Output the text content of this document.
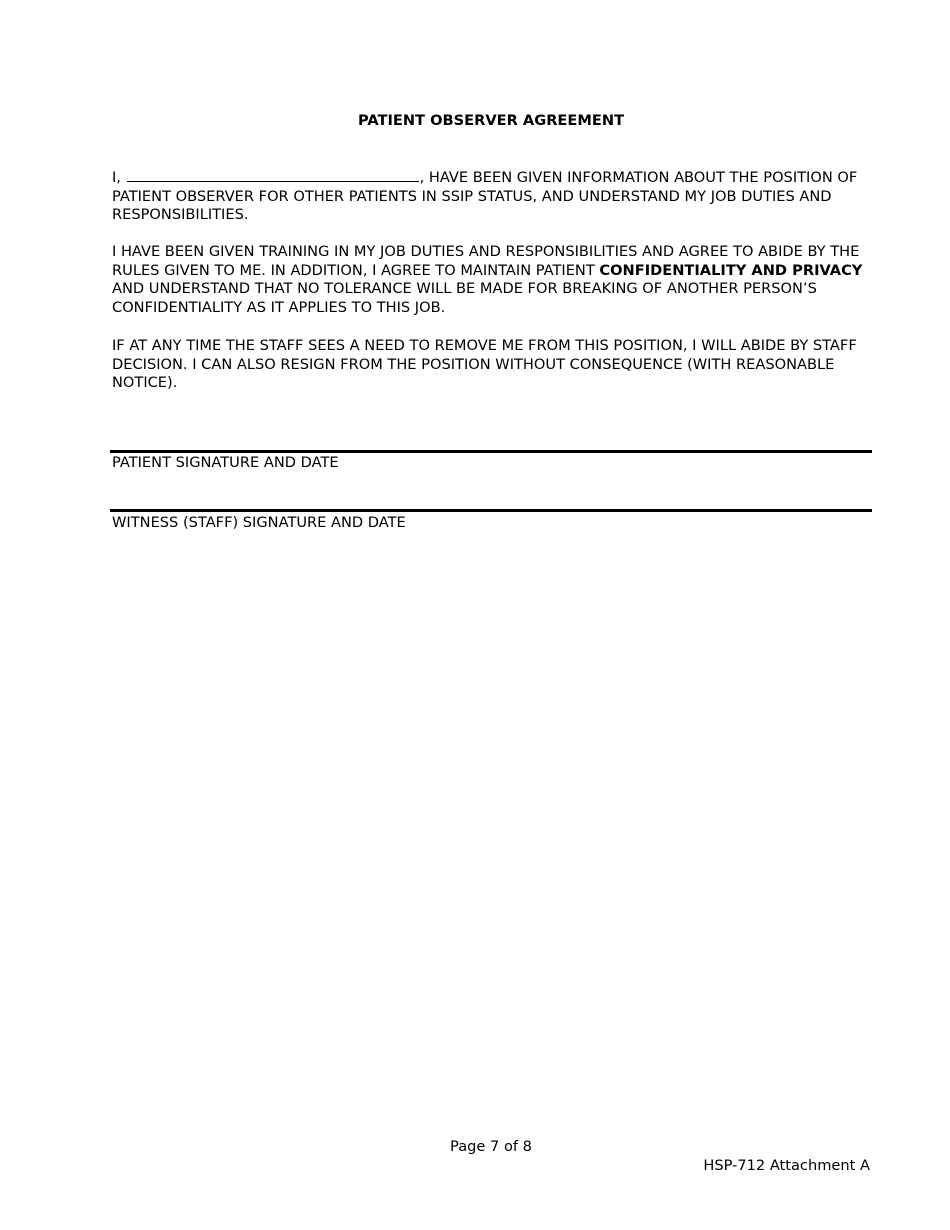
PATIENT OBSERVER AGREEMENT

I,	, HAVE BEEN GIVEN INFORMATION ABOUT THE POSITION OF PATIENT OBSERVER FOR OTHER PATIENTS IN SSIP STATUS, AND UNDERSTAND MY JOB DUTIES AND RESPONSIBILITIES.

I HAVE BEEN GIVEN TRAINING IN MY JOB DUTIES AND RESPONSIBILITIES AND AGREE TO ABIDE BY THE RULES GIVEN TO ME. IN ADDITION, I AGREE TO MAINTAIN PATIENT CONFIDENTIALITY AND PRIVACY AND UNDERSTAND THAT NO TOLERANCE WILL BE MADE FOR BREAKING OF ANOTHER PERSON’S CONFIDENTIALITY AS IT APPLIES TO THIS JOB.

IF AT ANY TIME THE STAFF SEES A NEED TO REMOVE ME FROM THIS POSITION, I WILL ABIDE BY STAFF DECISION. I CAN ALSO RESIGN FROM THE POSITION WITHOUT CONSEQUENCE (WITH REASONABLE NOTICE).

PATIENT SIGNATURE AND DATE
WITNESS (STAFF) SIGNATURE AND DATE
Page 7 of 8
HSP-712 Attachment A
